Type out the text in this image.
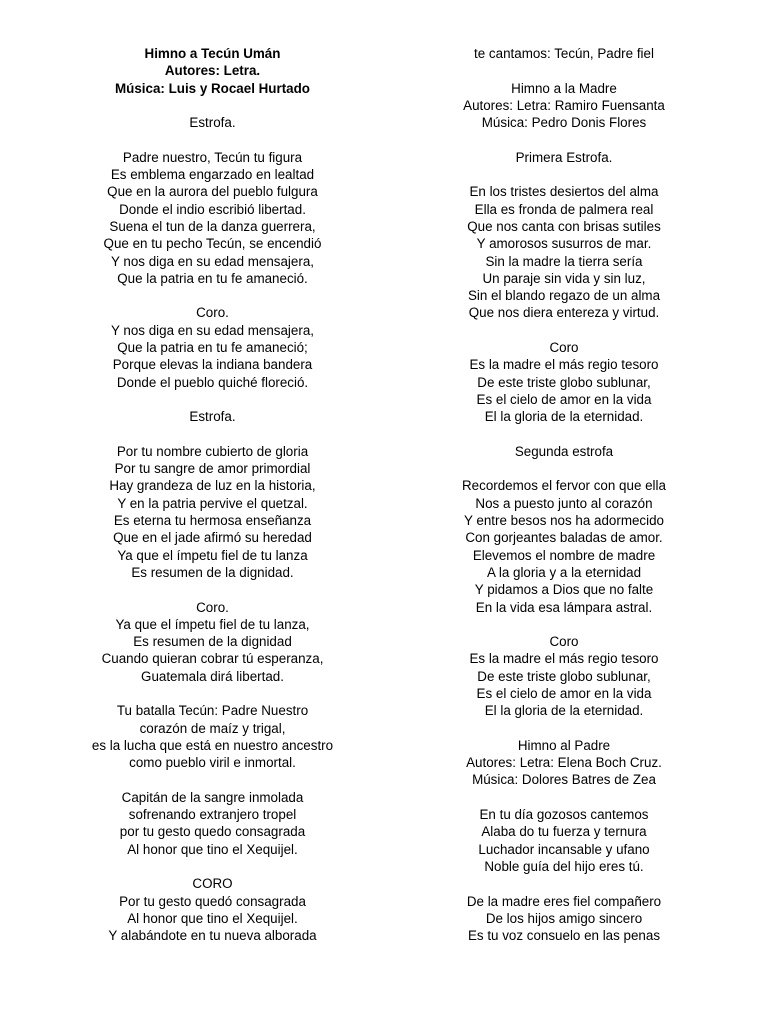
Himno a Tecún Umán
Autores: Letra.
Música: Luis y Rocael Hurtado
Estrofa.
Padre nuestro, Tecún tu figura
Es emblema engarzado en lealtad
Que en la aurora del pueblo fulgura
Donde el indio escribió libertad.
Suena el tun de la danza guerrera,
Que en tu pecho Tecún, se encendió
Y nos diga en su edad mensajera,
Que la patria en tu fe amaneció.
Coro.
Y nos diga en su edad mensajera,
Que la patria en tu fe amaneció;
Porque elevas la indiana bandera
Donde el pueblo quiché floreció.
Estrofa.
Por tu nombre cubierto de gloria
Por tu sangre de amor primordial
Hay grandeza de luz en la historia,
Y en la patria pervive el quetzal.
Es eterna tu hermosa enseñanza
Que en el jade afirmó su heredad
Ya que el ímpetu fiel de tu lanza
Es resumen de la dignidad.
Coro.
Ya que el ímpetu fiel de tu lanza,
Es resumen de la dignidad
Cuando quieran cobrar tú esperanza,
Guatemala dirá libertad.
Tu batalla Tecún: Padre Nuestro
corazón de maíz y trigal,
es la lucha que está en nuestro ancestro
como pueblo viril e inmortal.
Capitán de la sangre inmolada
sofrenando extranjero tropel
por tu gesto quedo consagrada
Al honor que tino el Xequijel.
CORO
Por tu gesto quedó consagrada
Al honor que tino el Xequijel.
Y alabándote en tu nueva alborada
te cantamos: Tecún, Padre fiel
Himno a la Madre
Autores: Letra: Ramiro Fuensanta
Música: Pedro Donis Flores
Primera Estrofa.
En los tristes desiertos del alma
Ella es fronda de palmera real
Que nos canta con brisas sutiles
Y amorosos susurros de mar.
Sin la madre la tierra sería
Un paraje sin vida y sin luz,
Sin el blando regazo de un alma
Que nos diera entereza y virtud.
Coro
Es la madre el más regio tesoro
De este triste globo sublunar,
Es el cielo de amor en la vida
El la gloria de la eternidad.
Segunda estrofa
Recordemos el fervor con que ella
Nos a puesto junto al corazón
Y entre besos nos ha adormecido
Con gorjeantes baladas de amor.
Elevemos el nombre de madre
A la gloria y a la eternidad
Y pidamos a Dios que no falte
En la vida esa lámpara astral.
Coro
Es la madre el más regio tesoro
De este triste globo sublunar,
Es el cielo de amor en la vida
El la gloria de la eternidad.
Himno al Padre
Autores: Letra: Elena Boch Cruz.
Música: Dolores Batres de Zea
En tu día gozosos cantemos
Alaba do tu fuerza y ternura
Luchador incansable y ufano
Noble guía del hijo eres tú.
De la madre eres fiel compañero
De los hijos amigo sincero
Es tu voz consuelo en las penas
